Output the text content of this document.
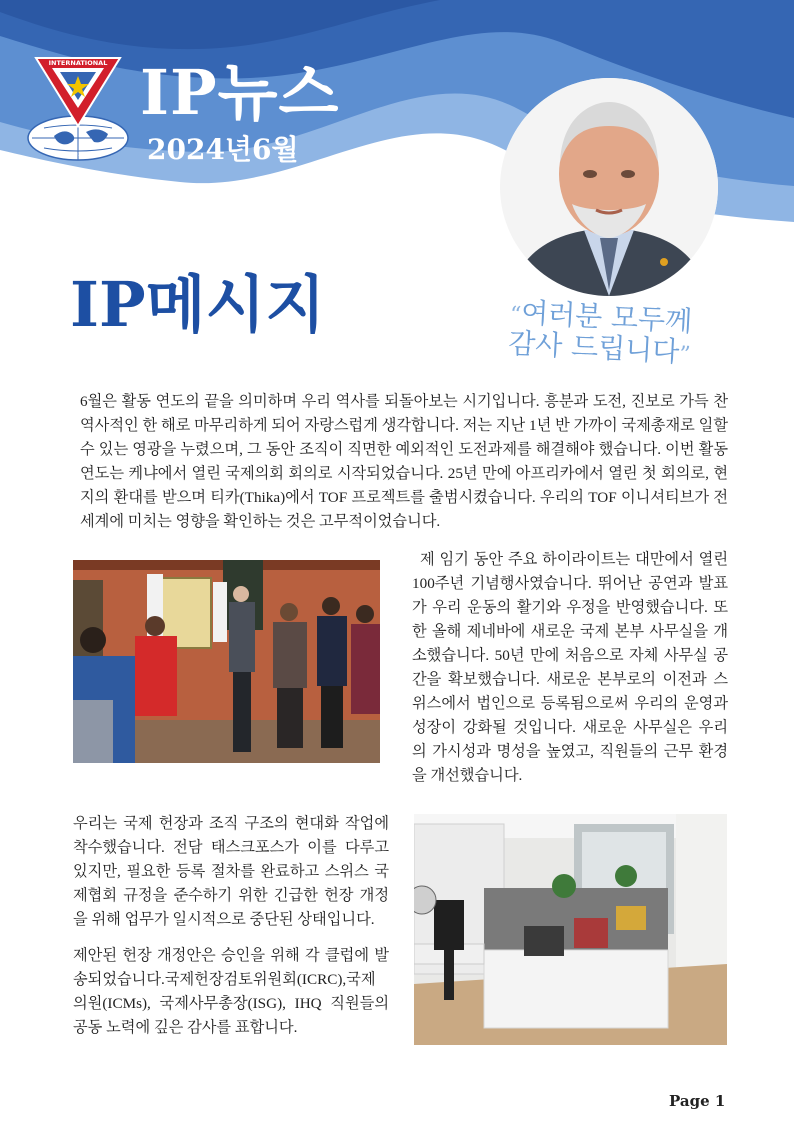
INTERNATIONAL
1922
IP뉴스
2024년6월
IP메시지	“여러분 모두께
감사 드립니다”

6월은 활동 연도의 끝을 의미하며 우리 역사를 되돌아보는 시기입니다. 흥분과 도전, 진보로 가득 찬 역사적인 한 해로 마무리하게 되어 자랑스럽게 생각합니다. 저는 지난 1년 반 가까이 국제총재로 일할 수 있는 영광을 누렸으며, 그 동안 조직이 직면한 예외적인 도전과제를 해결해야 했습니다. 이번 활동 연도는 케냐에서 열린 국제의회 회의로 시작되었습니다. 25년 만에 아프리카에서 열린 첫 회의로, 현지의 환대를 받으며 티카(Thika)에서 TOF 프로젝트를 출범시켰습니다. 우리의 TOF 이니셔티브가 전 세계에 미치는 영향을 확인하는 것은 고무적이었습니다.

제 임기 동안 주요 하이라이트는 대만에서 열린 100주년 기념행사였습니다. 뛰어난 공연과 발표가 우리 운동의 활기와 우정을 반영했습니다. 또한 올해 제네바에 새로운 국제 본부 사무실을 개소했습니다. 50년 만에 처음으로 자체 사무실 공간을 확보했습니다. 새로운 본부로의 이전과 스위스에서 법인으로 등록됨으로써 우리의 운영과 성장이 강화될 것입니다. 새로운 사무실은 우리의 가시성과 명성을 높였고, 직원들의 근무 환경을 개선했습니다.

우리는 국제 헌장과 조직 구조의 현대화 작업에 착수했습니다. 전담 태스크포스가 이를 다루고 있지만, 필요한 등록 절차를 완료하고 스위스 국제협회 규정을 준수하기 위한 긴급한 헌장 개정을 위해 업무가 일시적으로 중단된 상태입니다.

제안된 헌장 개정안은 승인을 위해 각 클럽에 발송되었습니다.국제헌장검토위원회(ICRC),국제의원(ICMs), 국제사무총장(ISG), IHQ 직원들의 공동 노력에 깊은 감사를 표합니다.

Page 1
